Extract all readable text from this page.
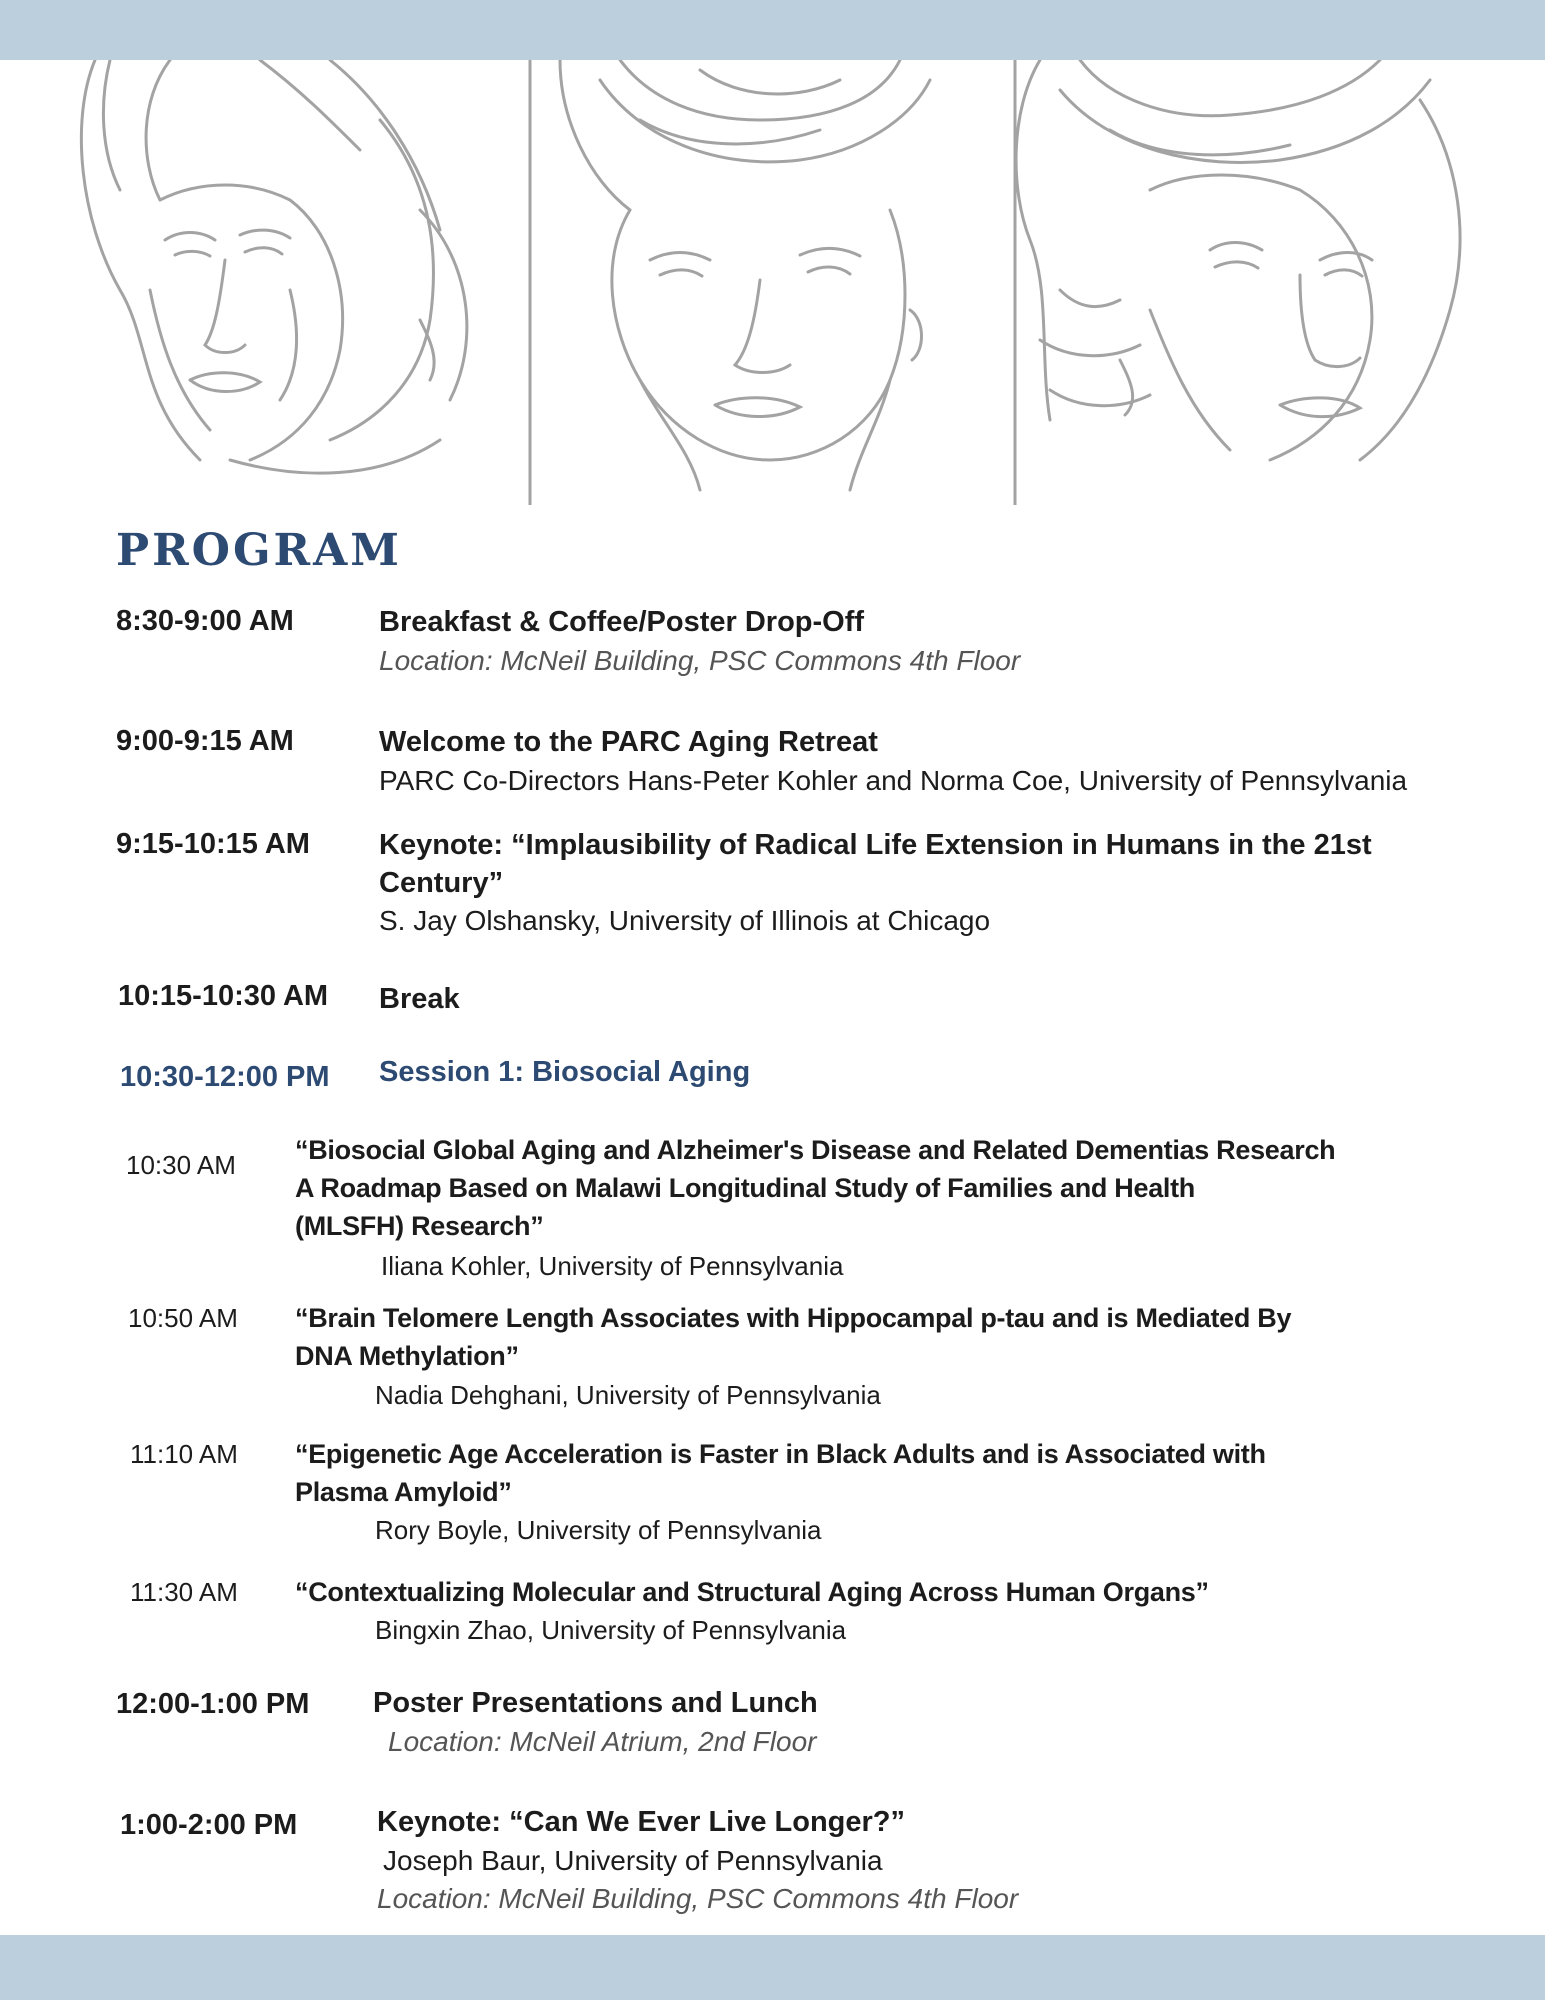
PROGRAM
8:30-9:00 AM	Breakfast & Coffee/Poster Drop-Off
Location: McNeil Building, PSC Commons 4th Floor
9:00-9:15 AM	Welcome to the PARC Aging Retreat
PARC Co-Directors Hans-Peter Kohler and Norma Coe, University of Pennsylvania
9:15-10:15 AM Keynote: “Implausibility of Radical Life Extension in Humans in the 21st
Century”
S. Jay Olshansky, University of Illinois at Chicago
10:15-10:30 AM Break
10:30-12:00 PM Session 1: Biosocial Aging
10:30 AM “Biosocial Global Aging and Alzheimer's Disease and Related Dementias Research
A Roadmap Based on Malawi Longitudinal Study of Families and Health
(MLSFH) Research”
Iliana Kohler, University of Pennsylvania
10:50 AM “Brain Telomere Length Associates with Hippocampal p-tau and is Mediated By
DNA Methylation”
Nadia Dehghani, University of Pennsylvania
11:10 AM “Epigenetic Age Acceleration is Faster in Black Adults and is Associated with
Plasma Amyloid”
Rory Boyle, University of Pennsylvania
11:30 AM “Contextualizing Molecular and Structural Aging Across Human Organs”
Bingxin Zhao, University of Pennsylvania
12:00-1:00 PM Poster Presentations and Lunch
Location: McNeil Atrium, 2nd Floor
1:00-2:00 PM	Keynote: “Can We Ever Live Longer?”
Joseph Baur, University of Pennsylvania
Location: McNeil Building, PSC Commons 4th Floor
